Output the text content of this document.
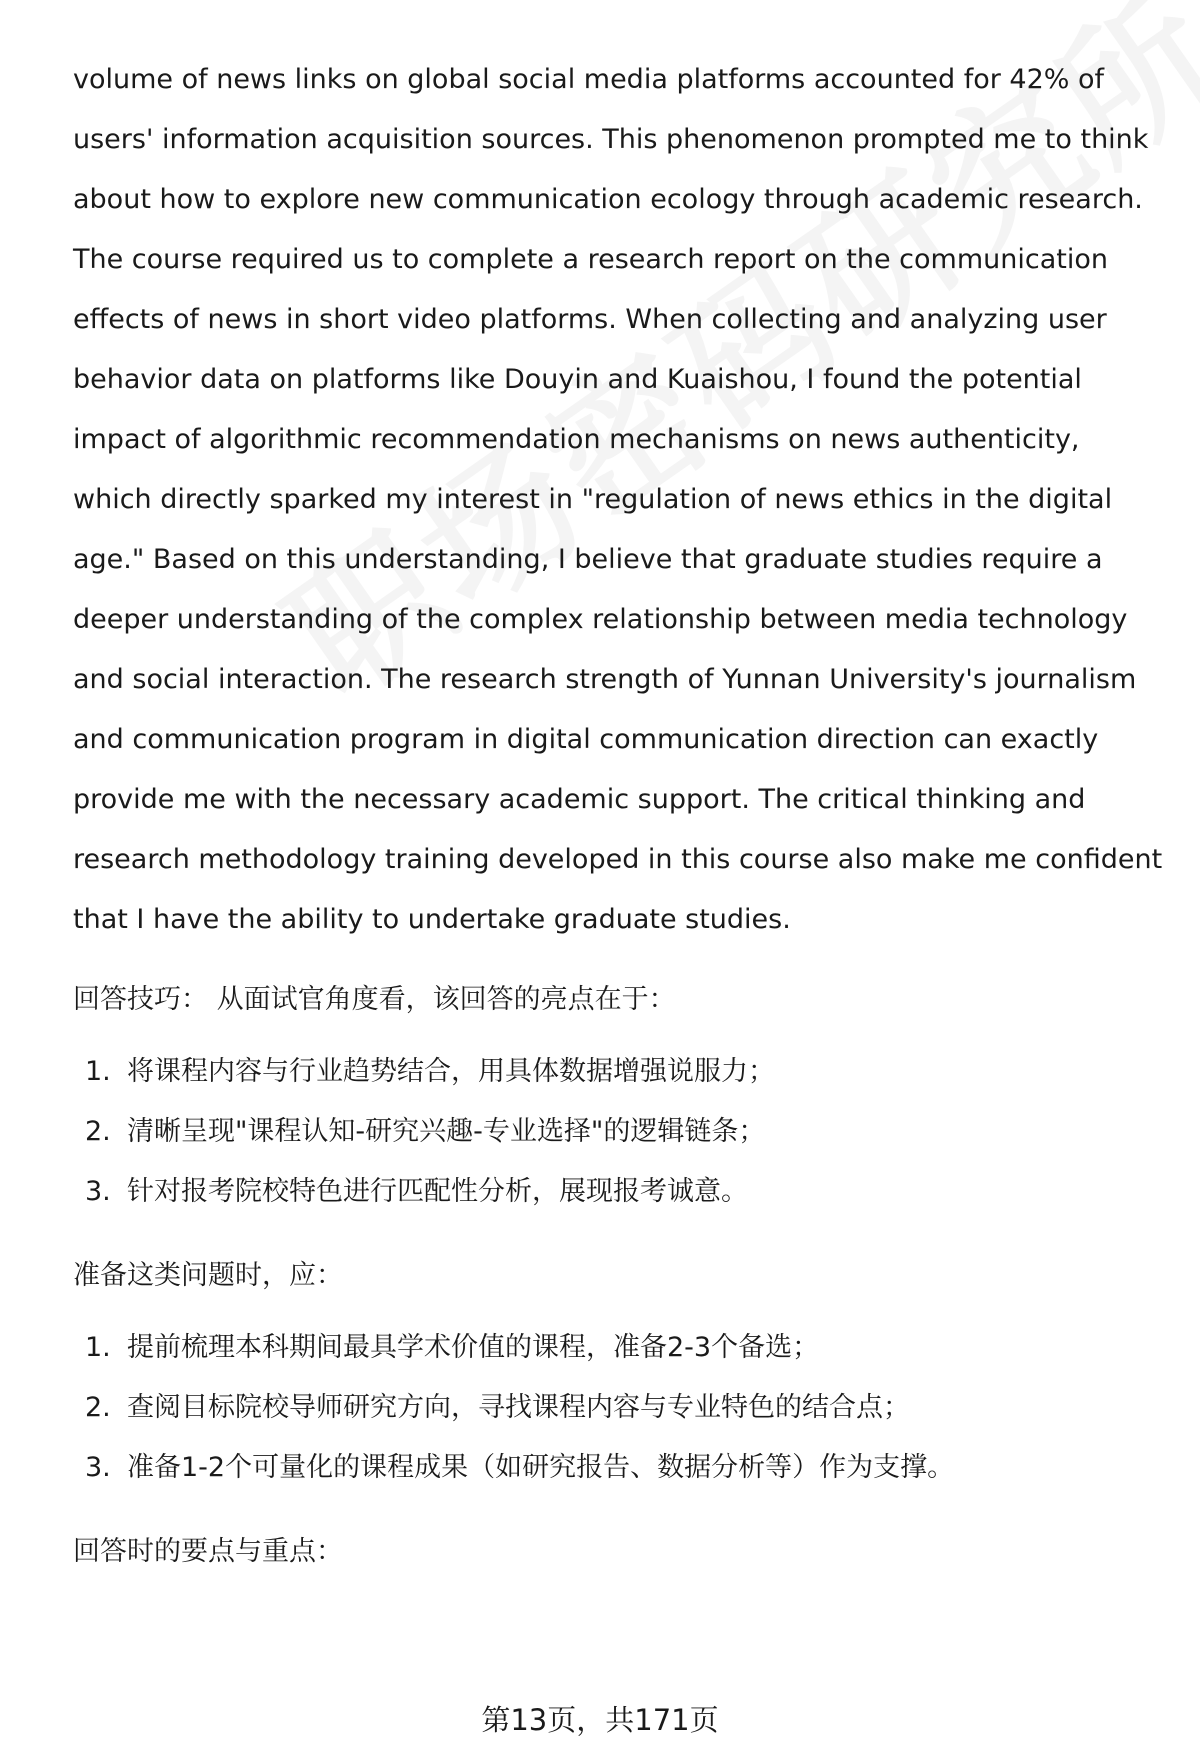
volume of news links on global social media platforms accounted for 42% of users' information acquisition sources. This phenomenon prompted me to think about how to explore new communication ecology through academic research. The course required us to complete a research report on the communication effects of news in short video platforms. When collecting and analyzing user behavior data on platforms like Douyin and Kuaishou, I found the potential impact of algorithmic recommendation mechanisms on news authenticity, which directly sparked my interest in "regulation of news ethics in the digital age." Based on this understanding, I believe that graduate studies require a deeper understanding of the complex relationship between media technology and social interaction. The research strength of Yunnan University's journalism and communication program in digital communication direction can exactly provide me with the necessary academic support. The critical thinking and research methodology training developed in this course also make me confident that I have the ability to undertake graduate studies.

回答技巧： 从面试官角度看，该回答的亮点在于：
1. 将课程内容与行业趋势结合，用具体数据增强说服力；
2. 清晰呈现"课程认知-研究兴趣-专业选择"的逻辑链条；
3. 针对报考院校特色进行匹配性分析，展现报考诚意。
准备这类问题时，应：
1. 提前梳理本科期间最具学术价值的课程，准备2-3个备选；
2. 查阅目标院校导师研究方向，寻找课程内容与专业特色的结合点；
3. 准备1-2个可量化的课程成果（如研究报告、数据分析等）作为支撑。
回答时的要点与重点：
第13页，共171页
